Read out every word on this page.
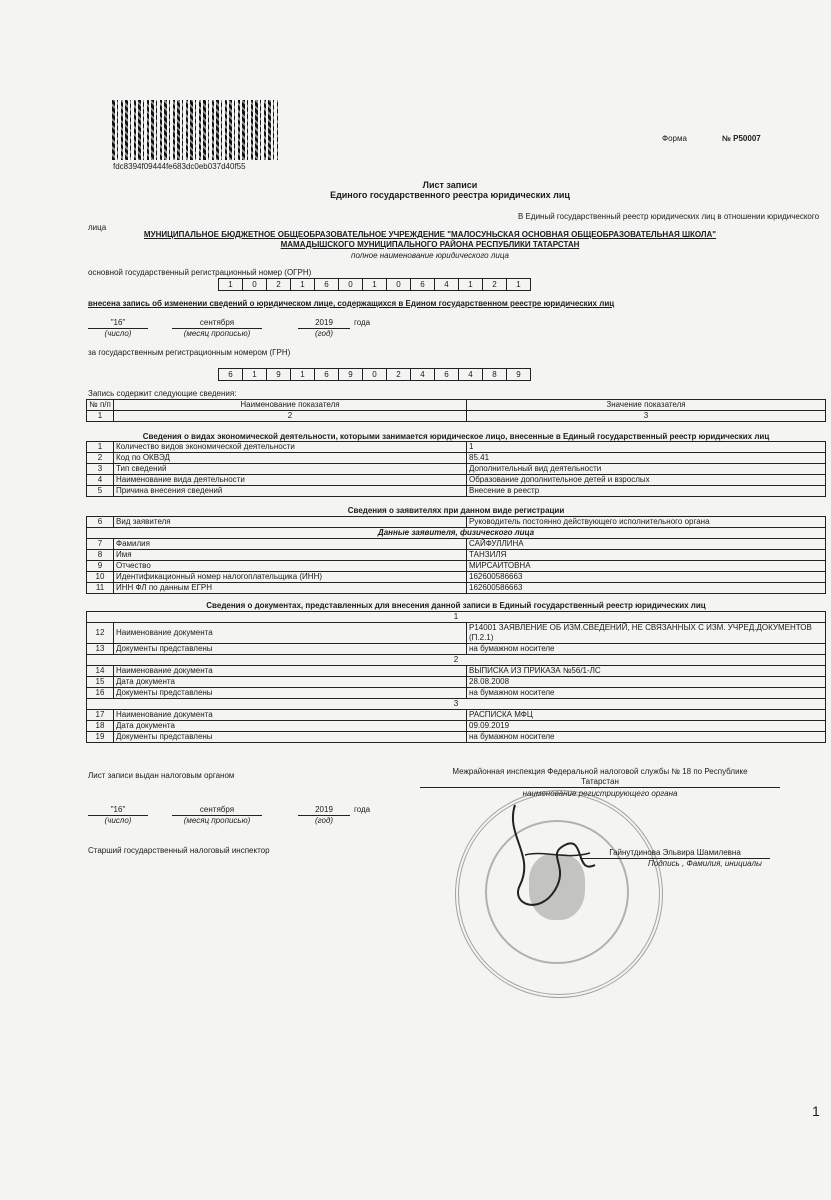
fdc8394f09444fe683dc0eb037d40f55
Форма	№ Р50007
Лист записи
Единого государственного реестра юридических лиц
В Единый государственный реестр юридических лиц в отношении юридического
лица
МУНИЦИПАЛЬНОЕ БЮДЖЕТНОЕ ОБЩЕОБРАЗОВАТЕЛЬНОЕ УЧРЕЖДЕНИЕ "МАЛОСУНЬСКАЯ ОСНОВНАЯ ОБЩЕОБРАЗОВАТЕЛЬНАЯ ШКОЛА"
МАМАДЫШСКОГО МУНИЦИПАЛЬНОГО РАЙОНА РЕСПУБЛИКИ ТАТАРСТАН
полное наименование юридического лица
основной государственный регистрационный номер (ОГРН)
1	0	2	1	6	0	1	0	6	4	1	2	1
внесена запись об изменении сведений о юридическом лице, содержащихся в Едином государственном реестре юридических лиц
"16"	сентября	2019	года
(число)	(месяц прописью)	(год)
за государственным регистрационным номером (ГРН)
6	1	9	1	6	9	0	2	4	6	4	8	9
Запись содержит следующие сведения:
№ п/п	Наименование показателя	Значение показателя
1	2	3
Сведения о видах экономической деятельности, которыми занимается юридическое лицо, внесенные в Единый государственный реестр юридических лиц
1	Количество видов экономической деятельности	1
2	Код по ОКВЭД	85.41
3	Тип сведений	Дополнительный вид деятельности
4	Наименование вида деятельности	Образование дополнительное детей и взрослых
5	Причина внесения сведений	Внесение в реестр
Сведения о заявителях при данном виде регистрации
6	Вид заявителя	Руководитель постоянно действующего исполнительного органа
Данные заявителя, физического лица		
7	Фамилия	САЙФУЛЛИНА
8	Имя	ТАНЗИЛЯ
9	Отчество	МИРСАИТОВНА
10	Идентификационный номер налогоплательщика (ИНН)	162600586663
11	ИНН ФЛ по данным ЕГРН	162600586663
Сведения о документах, представленных для внесения данной записи в Единый государственный реестр юридических лиц
1		
12	Наименование документа	Р14001 ЗАЯВЛЕНИЕ ОБ ИЗМ.СВЕДЕНИЙ, НЕ СВЯЗАННЫХ С ИЗМ. УЧРЕД.ДОКУМЕНТОВ (П.2.1)
13	Документы представлены	на бумажном носителе
2		
14	Наименование документа	ВЫПИСКА ИЗ ПРИКАЗА №56/1-ЛС
15	Дата документа	28.08.2008
16	Документы представлены	на бумажном носителе
3		
17	Наименование документа	РАСПИСКА МФЦ
18	Дата документа	09.09.2019
19	Документы представлены	на бумажном носителе
Лист записи выдан налоговым органом	Межрайонная инспекция Федеральной налоговой службы № 18 по Республике
Татарстан
наименование регистрирующего органа
"16"	сентября	2019	года
(число)	(месяц прописью)	(год)
Старший государственный налоговый инспектор	Гайнутдинова Эльвира Шамилевна
Подпись , Фамилия, инициалы
1
